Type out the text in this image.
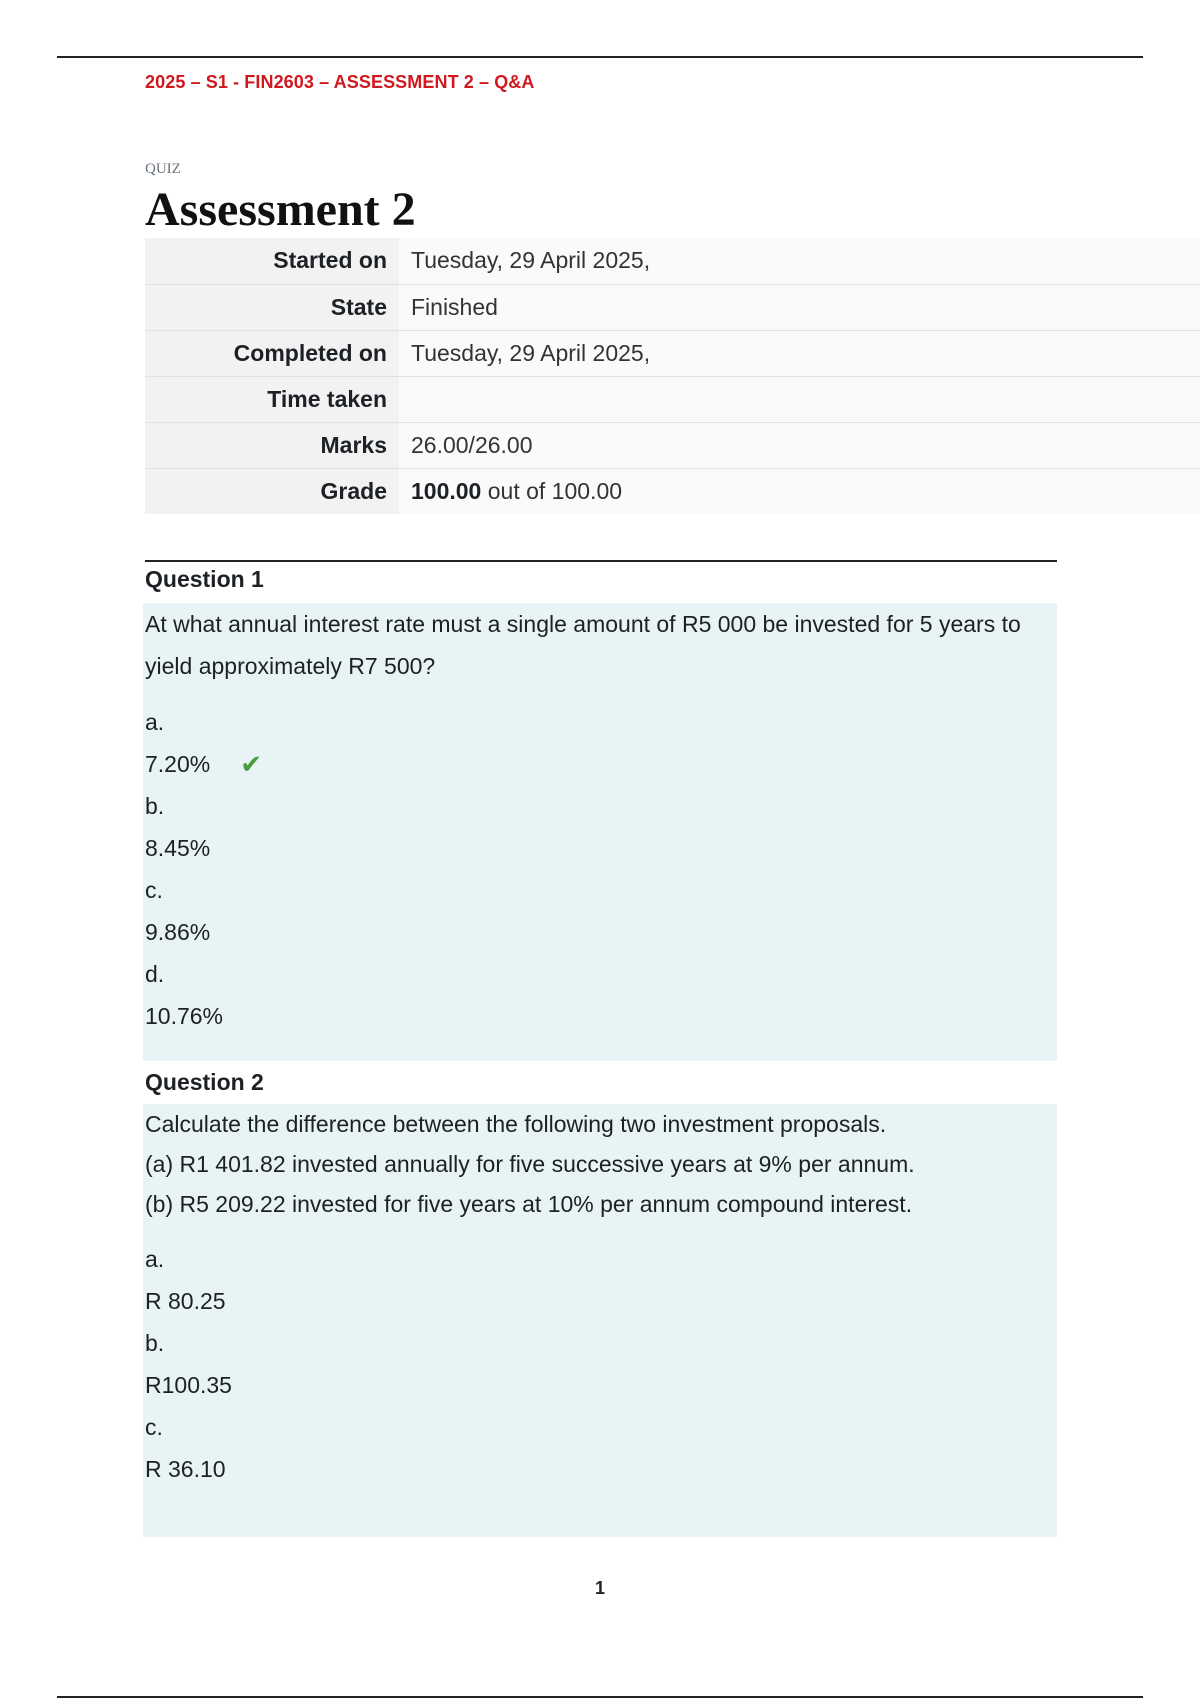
2025 – S1 - FIN2603 – ASSESSMENT 2 – Q&A
QUIZ
Assessment 2
Started on	Tuesday, 29 April 2025,
State	Finished
Completed on	Tuesday, 29 April 2025,
Time taken	
Marks	26.00/26.00
Grade	100.00 out of 100.00
Question 1

At what annual interest rate must a single amount of R5 000 be invested for 5 years to yield approximately R7 500?

a.
7.20% ✔
b.
8.45%
c.
9.86%
d.
10.76%
Question 2

Calculate the difference between the following two investment proposals.

(a) R1 401.82 invested annually for five successive years at 9% per annum.

(b) R5 209.22 invested for five years at 10% per annum compound interest.

a.
R 80.25
b.
R100.35
c.
R 36.10
1
